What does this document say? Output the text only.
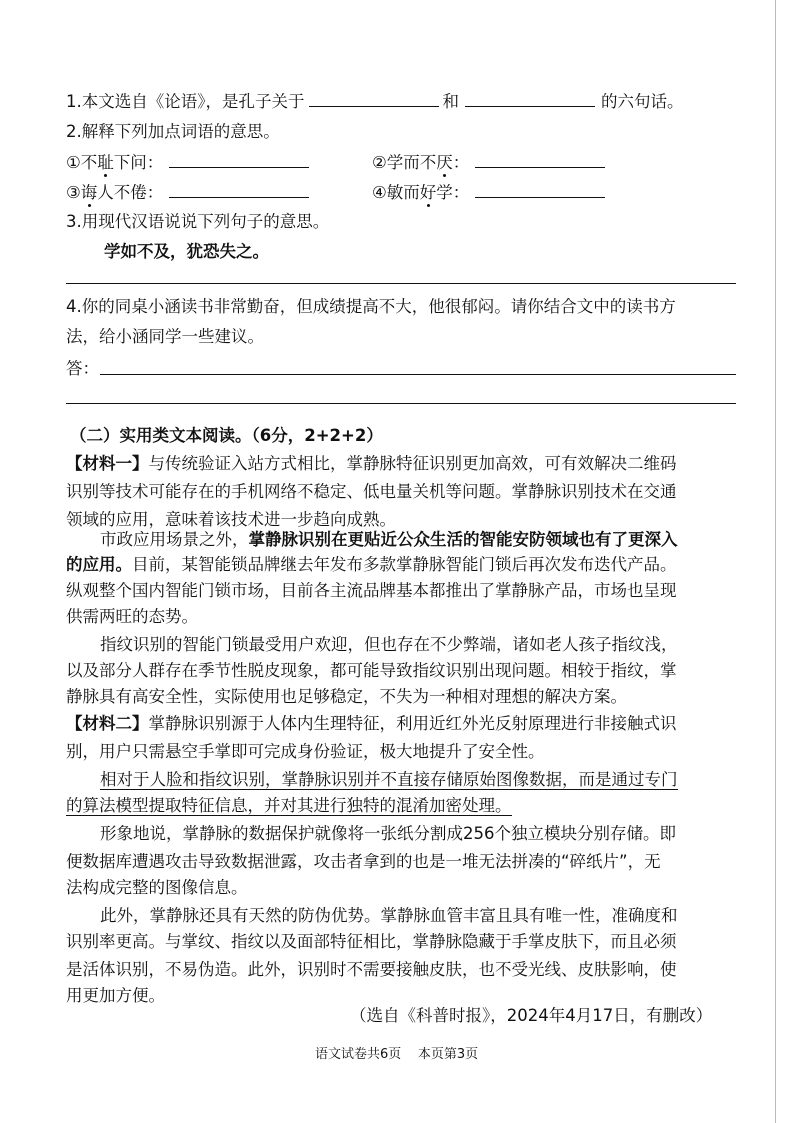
1.本文选自《论语》，是孔子关于	和	的六句话。
2.解释下列加点词语的意思。
①不耻下问：	②学而不厌：
③诲人不倦：	④敏而好学：
3.用现代汉语说说下列句子的意思。
学如不及，犹恐失之。
4.你的同桌小涵读书非常勤奋，但成绩提高不大，他很郁闷。请你结合文中的读书方
法，给小涵同学一些建议。
答：
（二）实用类文本阅读。（6分，2+2+2）
【材料一】与传统验证入站方式相比，掌静脉特征识别更加高效，可有效解决二维码
识别等技术可能存在的手机网络不稳定、低电量关机等问题。掌静脉识别技术在交通
领域的应用，意味着该技术进一步趋向成熟。
市政应用场景之外，掌静脉识别在更贴近公众生活的智能安防领域也有了更深入
的应用。目前，某智能锁品牌继去年发布多款掌静脉智能门锁后再次发布迭代产品。
纵观整个国内智能门锁市场，目前各主流品牌基本都推出了掌静脉产品，市场也呈现
供需两旺的态势。
指纹识别的智能门锁最受用户欢迎，但也存在不少弊端，诸如老人孩子指纹浅，
以及部分人群存在季节性脱皮现象，都可能导致指纹识别出现问题。相较于指纹，掌
静脉具有高安全性，实际使用也足够稳定，不失为一种相对理想的解决方案。
【材料二】掌静脉识别源于人体内生理特征，利用近红外光反射原理进行非接触式识
别，用户只需悬空手掌即可完成身份验证，极大地提升了安全性。
相对于人脸和指纹识别，掌静脉识别并不直接存储原始图像数据，而是通过专门
的算法模型提取特征信息，并对其进行独特的混淆加密处理。
形象地说，掌静脉的数据保护就像将一张纸分割成256个独立模块分别存储。即
便数据库遭遇攻击导致数据泄露，攻击者拿到的也是一堆无法拼凑的“碎纸片”，无
法构成完整的图像信息。
此外，掌静脉还具有天然的防伪优势。掌静脉血管丰富且具有唯一性，准确度和
识别率更高。与掌纹、指纹以及面部特征相比，掌静脉隐藏于手掌皮肤下，而且必须
是活体识别，不易伪造。此外，识别时不需要接触皮肤，也不受光线、皮肤影响，使
用更加方便。
（选自《科普时报》，2024年4月17日，有删改）
语文试卷共6页 本页第3页
